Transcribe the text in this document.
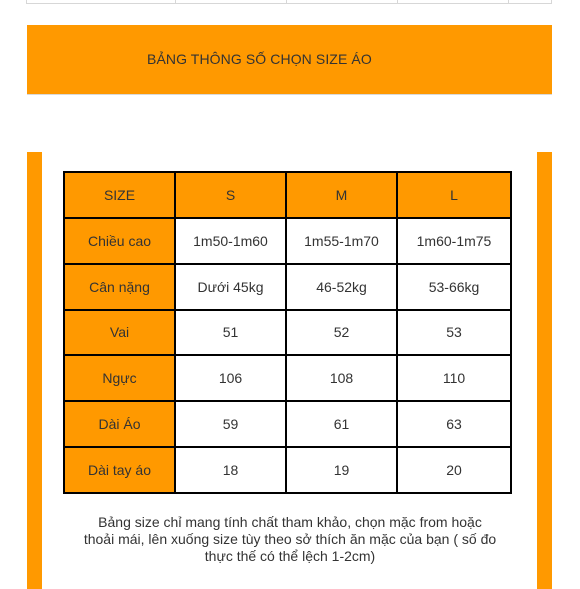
BẢNG THÔNG SỐ CHỌN SIZE ÁO
SIZE	S	M	L
Chiều cao	1m50-1m60	1m55-1m70	1m60-1m75
Cân nặng	Dưới 45kg	46-52kg	53-66kg
Vai	51	52	53
Ngực	106	108	110
Dài Áo	59	61	63
Dài tay áo	18	19	20
Bảng size chỉ mang tính chất tham khảo, chọn mặc from hoặc
thoải mái, lên xuống size tùy theo sở thích ăn mặc của bạn ( số đo
thực thế có thể lệch 1-2cm)
